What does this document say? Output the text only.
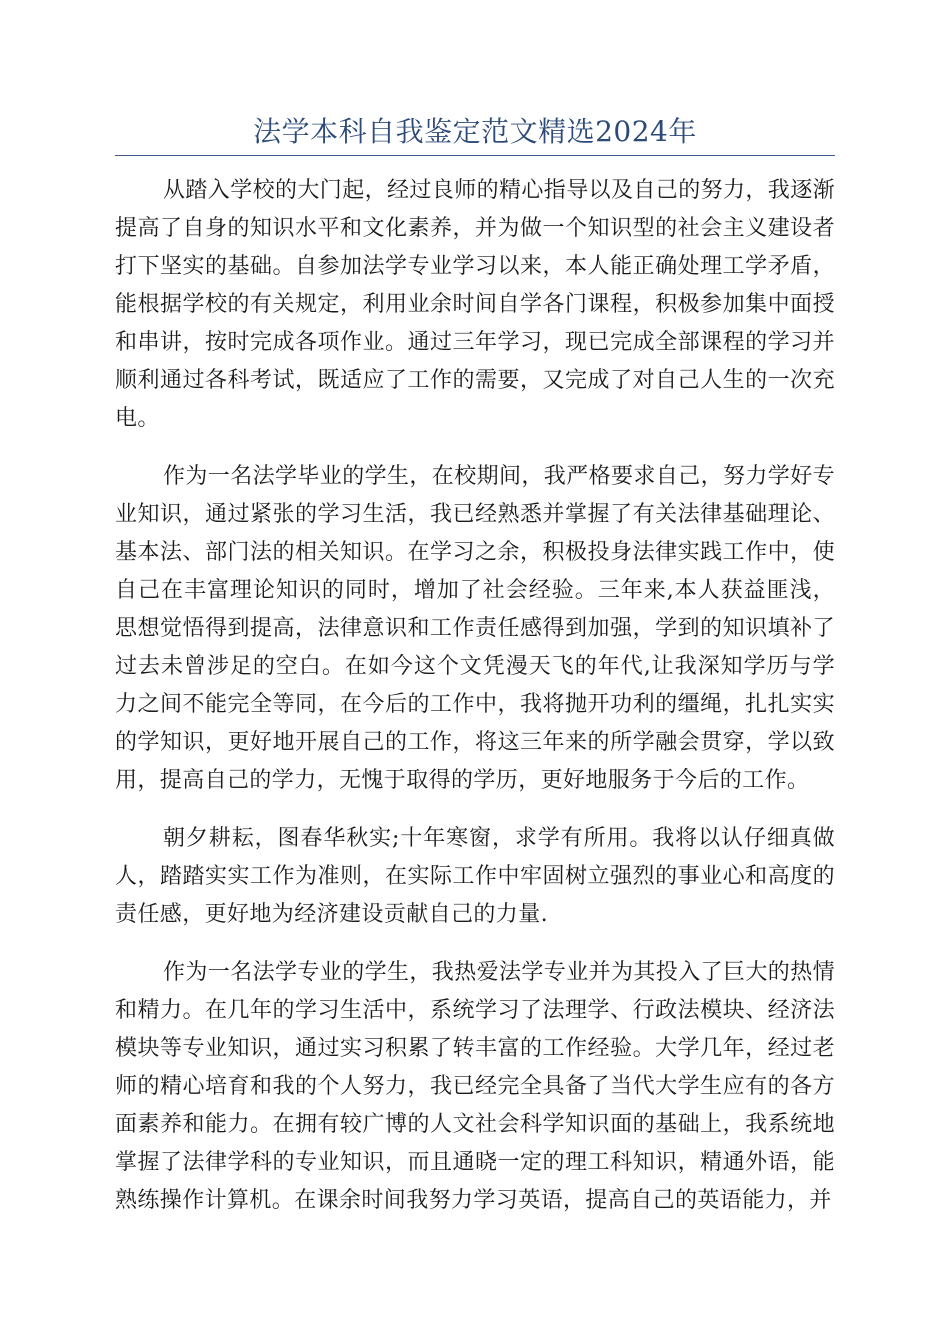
法学本科自我鉴定范文精选2024年

从踏入学校的大门起，经过良师的精心指导以及自己的努力，我逐渐提高了自身的知识水平和文化素养，并为做一个知识型的社会主义建设者打下坚实的基础。自参加法学专业学习以来，本人能正确处理工学矛盾，能根据学校的有关规定，利用业余时间自学各门课程，积极参加集中面授和串讲，按时完成各项作业。通过三年学习，现已完成全部课程的学习并顺利通过各科考试，既适应了工作的需要，又完成了对自己人生的一次充电。

作为一名法学毕业的学生，在校期间，我严格要求自己，努力学好专业知识，通过紧张的学习生活，我已经熟悉并掌握了有关法律基础理论、基本法、部门法的相关知识。在学习之余，积极投身法律实践工作中，使自己在丰富理论知识的同时，增加了社会经验。三年来,本人获益匪浅，思想觉悟得到提高，法律意识和工作责任感得到加强，学到的知识填补了过去未曾涉足的空白。在如今这个文凭漫天飞的年代,让我深知学历与学力之间不能完全等同，在今后的工作中，我将抛开功利的缰绳，扎扎实实的学知识，更好地开展自己的工作，将这三年来的所学融会贯穿，学以致用，提高自己的学力，无愧于取得的学历，更好地服务于今后的工作。

朝夕耕耘，图春华秋实;十年寒窗，求学有所用。我将以认仔细真做人，踏踏实实工作为准则，在实际工作中牢固树立强烈的事业心和高度的责任感，更好地为经济建设贡献自己的力量.

作为一名法学专业的学生，我热爱法学专业并为其投入了巨大的热情和精力。在几年的学习生活中，系统学习了法理学、行政法模块、经济法模块等专业知识，通过实习积累了转丰富的工作经验。大学几年，经过老师的精心培育和我的个人努力，我已经完全具备了当代大学生应有的各方面素养和能力。在拥有较广博的人文社会科学知识面的基础上，我系统地掌握了法律学科的专业知识，而且通晓一定的理工科知识，精通外语，能熟练操作计算机。在课余时间我努力学习英语，提高自己的英语能力，并
